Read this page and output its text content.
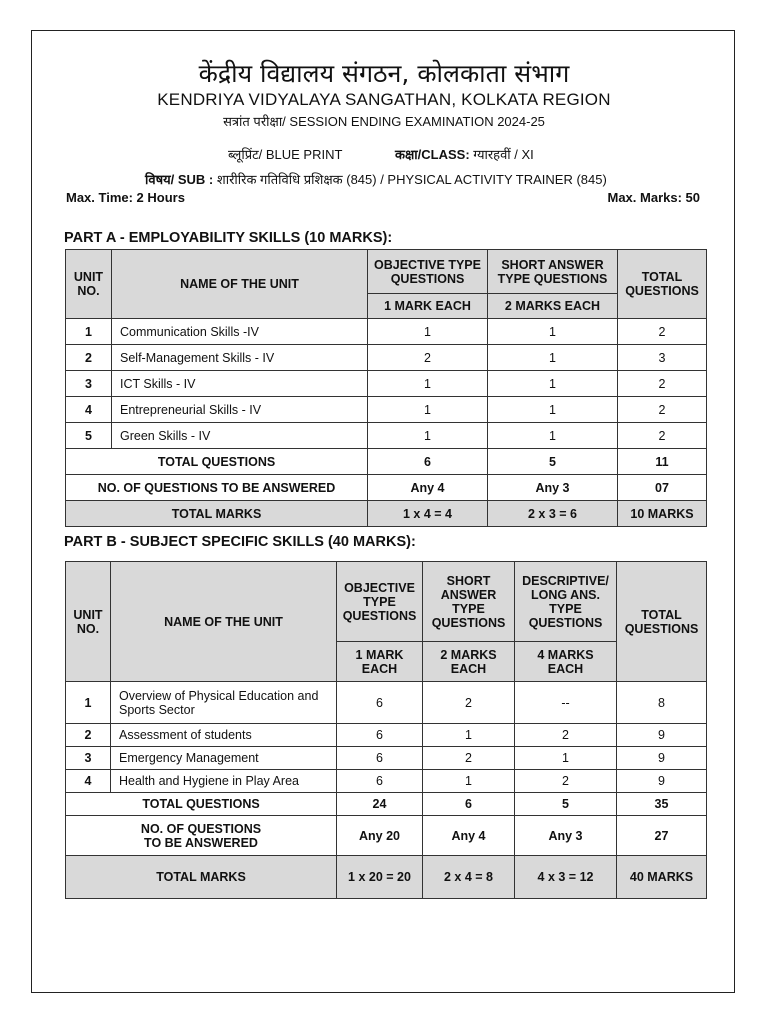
केंद्रीय विद्यालय संगठन, कोलकाता संभाग
KENDRIYA VIDYALAYA SANGATHAN, KOLKATA REGION
सत्रांत परीक्षा/ SESSION ENDING EXAMINATION 2024-25
ब्लूप्रिंट/ BLUE PRINT	कक्षा/CLASS: ग्यारहवीं / XI
विषय/ SUB : शारीरिक गतिविधि प्रशिक्षक (845) / PHYSICAL ACTIVITY TRAINER (845)
Max. Time: 2 Hours	Max. Marks: 50
PART A - EMPLOYABILITY SKILLS (10 MARKS):
UNIT NO.	NAME OF THE UNIT	OBJECTIVE TYPE QUESTIONS	SHORT ANSWER TYPE QUESTIONS	TOTAL QUESTIONS
		1 MARK EACH	2 MARKS EACH	
1	Communication Skills -IV	1	1	2
2	Self-Management Skills - IV	2	1	3
3	ICT Skills - IV	1	1	2
4	Entrepreneurial Skills - IV	1	1	2
5	Green Skills - IV	1	1	2
TOTAL QUESTIONS		6	5	11
NO. OF QUESTIONS TO BE ANSWERED		Any 4	Any 3	07
TOTAL MARKS		1 x 4 = 4	2 x 3 = 6	10 MARKS
PART B - SUBJECT SPECIFIC SKILLS (40 MARKS):
UNIT NO.	NAME OF THE UNIT	OBJECTIVE TYPE QUESTIONS	SHORT ANSWER TYPE QUESTIONS	DESCRIPTIVE/ LONG ANS. TYPE QUESTIONS	TOTAL QUESTIONS
		1 MARK EACH	2 MARKS EACH	4 MARKS EACH	
1	Overview of Physical Education and Sports Sector	6	2	--	8
2	Assessment of students	6	1	2	9
3	Emergency Management	6	2	1	9
4	Health and Hygiene in Play Area	6	1	2	9
TOTAL QUESTIONS		24	6	5	35
NO. OF QUESTIONS TO BE ANSWERED		Any 20	Any 4	Any 3	27
TOTAL MARKS		1 x 20 = 20	2 x 4 = 8	4 x 3 = 12	40 MARKS
